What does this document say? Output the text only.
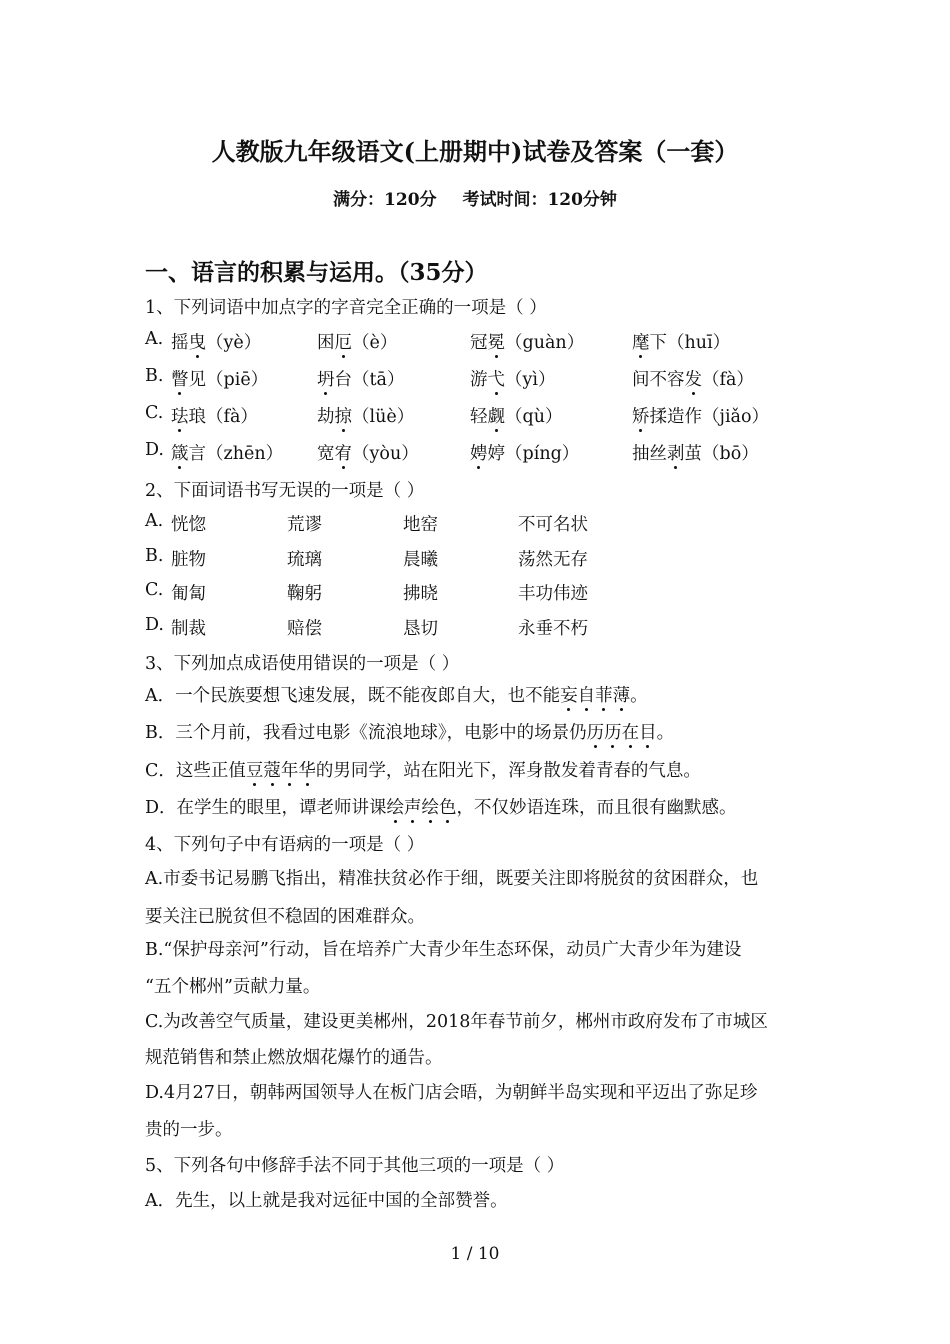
人教版九年级语文(上册期中)试卷及答案（一套）
满分：120分 考试时间：120分钟
一、语言的积累与运用。（35分）
1、下列词语中加点字的字音完全正确的一项是（ ）
A. 摇曳（yè）	困厄（è）	冠冕（guàn）	麾下（huī）
B. 瞥见（piē）	坍台（tā）	游弋（yì）	间不容发（fà）
C. 珐琅（fà）	劫掠（lüè）	轻觑（qù）	矫揉造作（jiǎo）
D. 箴言（zhēn） 宽宥（yòu）	娉婷（píng）	抽丝剥茧（bō）
2、下面词语书写无误的一项是（ ）
A. 恍惚	荒谬	地窑	不可名状
B. 脏物	琉璃	晨曦	荡然无存
C. 匍匐	鞠躬	拂晓	丰功伟迹
D. 制裁	赔偿	恳切	永垂不朽
3、下列加点成语使用错误的一项是（ ）
A．一个民族要想飞速发展，既不能夜郎自大，也不能妄自菲薄。
B．三个月前，我看过电影《流浪地球》，电影中的场景仍历历在目。
C．这些正值豆蔻年华的男同学，站在阳光下，浑身散发着青春的气息。
D．在学生的眼里，谭老师讲课绘声绘色，不仅妙语连珠，而且很有幽默感。
4、下列句子中有语病的一项是（ ）
A.市委书记易鹏飞指出，精准扶贫必作于细，既要关注即将脱贫的贫困群众，也
要关注已脱贫但不稳固的困难群众。
B.“保护母亲河”行动，旨在培养广大青少年生态环保，动员广大青少年为建设
“五个郴州”贡献力量。
C.为改善空气质量，建设更美郴州，2018年春节前夕，郴州市政府发布了市城区
规范销售和禁止燃放烟花爆竹的通告。
D.4月27日，朝韩两国领导人在板门店会晤，为朝鲜半岛实现和平迈出了弥足珍
贵的一步。
5、下列各句中修辞手法不同于其他三项的一项是（ ）
A．先生，以上就是我对远征中国的全部赞誉。
1 / 10
